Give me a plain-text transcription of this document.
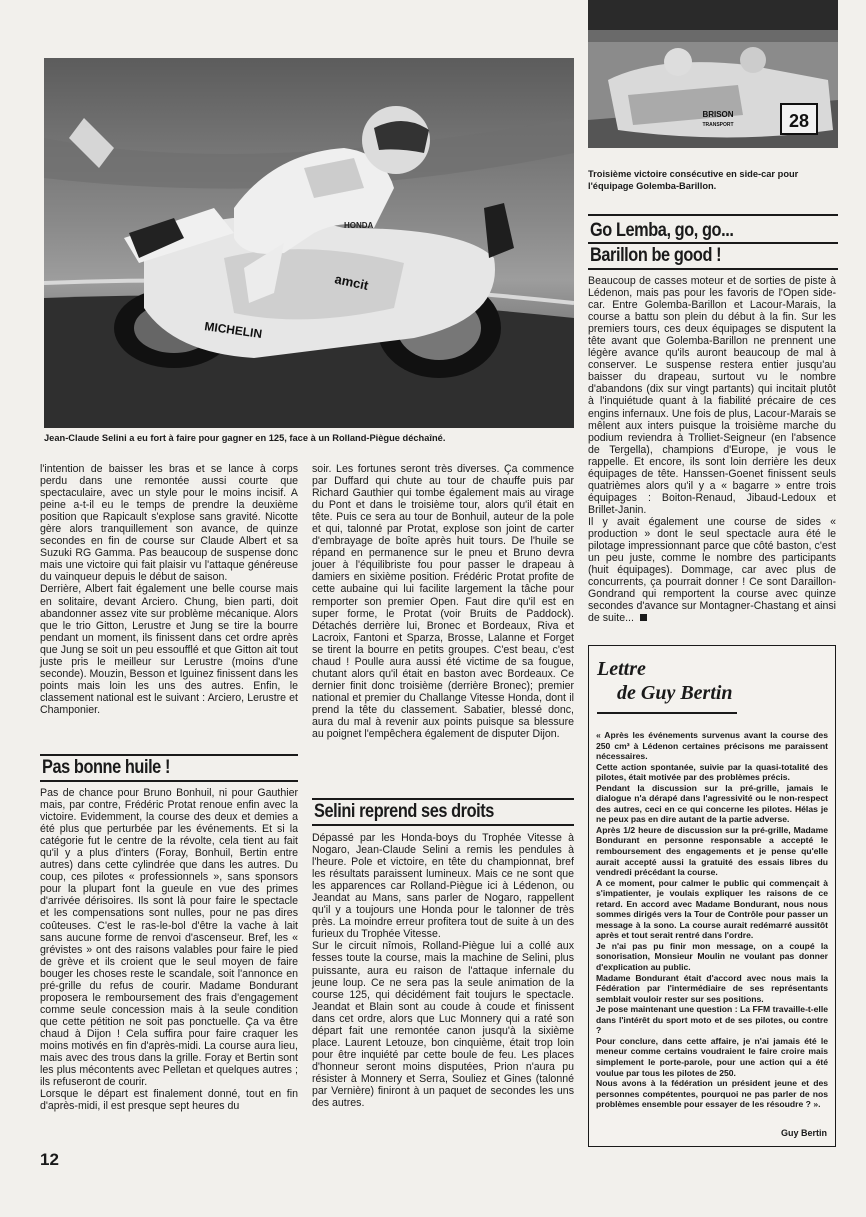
MICHELIN
amcit
HONDA
Jean-Claude Selini a eu fort à faire pour gagner en 125, face à un Rolland-Piègue déchaîné.
28
BRISON
TRANSPORT
Troisième victoire consécutive en side-car pour l'équipage Golemba-Barillon.
Go Lemba, go, go...
Barillon be good !

Beaucoup de casses moteur et de sorties de piste à Lédenon, mais pas pour les favoris de l'Open side-car. Entre Golemba-Barillon et Lacour-Marais, la course a battu son plein du début à la fin. Sur les premiers tours, ces deux équipages se disputent la tête avant que Golemba-Barillon ne prennent une légère avance qu'ils auront beaucoup de mal à conserver. Le suspense restera entier jusqu'au baisser du drapeau, surtout vu le nombre d'abandons (dix sur vingt partants) qui incitait plutôt à l'inquiétude quant à la fiabilité précaire de ces engins infernaux. Une fois de plus, Lacour-Marais se mêlent aux inters puisque la troisième marche du podium reviendra à Trolliet-Seigneur (en l'absence de Tergella), champions d'Europe, je vous le rappelle. Et encore, ils sont loin derrière les deux équipages de tête. Hanssen-Goenet finissent seuls quatrièmes alors qu'il y a « bagarre » entre trois équipages : Boiton-Renaud, Jibaud-Ledoux et Brillet-Janin.

Il y avait également une course de sides « production » dont le seul spectacle aura été le pilotage impressionnant parce que côté baston, c'est un peu juste, comme le nombre des participants (huit équipages). Dommage, car avec plus de concurrents, ça pourrait donner ! Ce sont Daraillon-Gondrand qui remportent la course avec quinze secondes d'avance sur Montagner-Chastang et ainsi de suite...

Lettre
de Guy Bertin

« Après les événements survenus avant la course des 250 cm³ à Lédenon certaines précisons me paraissent nécessaires.

Cette action spontanée, suivie par la quasi-totalité des pilotes, était motivée par des problèmes précis.

Pendant la discussion sur la pré-grille, jamais le dialogue n'a dérapé dans l'agressivité ou le non-respect des autres, ceci en ce qui concerne les pilotes. Hélas je ne peux pas en dire autant de la partie adverse.

Après 1/2 heure de discussion sur la pré-grille, Madame Bondurant en personne responsable a accepté le remboursement des engagements et je pense qu'elle aurait accepté aussi la gratuité des essais libres du vendredi précédant la course.

A ce moment, pour calmer le public qui commençait à s'impatienter, je voulais expliquer les raisons de ce retard. En accord avec Madame Bondurant, nous nous sommes dirigés vers la Tour de Contrôle pour passer un message à la sono. La course aurait redémarré aussitôt après et tout serait rentré dans l'ordre.

Je n'ai pas pu finir mon message, on a coupé la sonorisation, Monsieur Moulin ne voulant pas donner d'explication au public.

Madame Bondurant était d'accord avec nous mais la Fédération par l'intermédiaire de ses représentants semblait vouloir rester sur ses positions.

Je pose maintenant une question : La FFM travaille-t-elle dans l'intérêt du sport moto et de ses pilotes, ou contre ?

Pour conclure, dans cette affaire, je n'ai jamais été le meneur comme certains voudraient le faire croire mais simplement le porte-parole, pour une action qui a été voulue par tous les pilotes de 250.

Nous avons à la fédération un président jeune et des personnes compétentes, pourquoi ne pas parler de nos problèmes ensemble pour essayer de les résoudre ? ».

Guy Bertin

l'intention de baisser les bras et se lance à corps perdu dans une remontée aussi courte que spectaculaire, avec un style pour le moins incisif. A peine a-t-il eu le temps de prendre la deuxième position que Rapicault s'explose sans gravité. Nicotte gère alors tranquillement son avance, de quinze secondes en fin de course sur Claude Albert et sa Suzuki RG Gamma. Pas beaucoup de suspense donc mais une victoire qui fait plaisir vu l'attaque généreuse du vainqueur depuis le début de saison.

Derrière, Albert fait également une belle course mais en solitaire, devant Arciero. Chung, bien parti, doit abandonner assez vite sur problème mécanique. Alors que le trio Gitton, Lerustre et Jung se tire la bourre pendant un moment, ils finissent dans cet ordre après que Jung se soit un peu essoufflé et que Gitton ait tout juste pris le meilleur sur Lerustre (moins d'une seconde). Mouzin, Besson et Iguinez finissent dans les points mais loin les uns des autres. Enfin, le classement national est le suivant : Arciero, Lerustre et Champonier.

Pas bonne huile !

Pas de chance pour Bruno Bonhuil, ni pour Gauthier mais, par contre, Frédéric Protat renoue enfin avec la victoire. Evidemment, la course des deux et demies a été plus que perturbée par les événements. Et si la catégorie fut le centre de la révolte, cela tient au fait qu'il y a plus d'inters (Foray, Bonhuil, Bertin entre autres) dans cette cylindrée que dans les autres. Du coup, ces pilotes « professionnels », sans sponsors pour la plupart font la gueule en vue des primes d'arrivée dérisoires. Ils sont là pour faire le spectacle et les compensations sont nulles, pour ne pas dires coûteuses. C'est le ras-le-bol d'être la vache à lait sans aucune forme de renvoi d'ascenseur. Bref, les « grévistes » ont des raisons valables pour faire le pied de grève et ils croient que le seul moyen de faire bouger les choses reste le scandale, soit l'annonce en pré-grille du refus de courir. Madame Bondurant proposera le remboursement des frais d'engagement comme seule concession mais à la seule condition que cette pétition ne soit pas ponctuelle. Ça va être chaud à Dijon ! Cela suffira pour faire craquer les moins motivés en fin d'après-midi. La course aura lieu, mais avec des trous dans la grille. Foray et Bertin sont les plus mécontents avec Pelletan et quelques autres ; ils refuseront de courir.

Lorsque le départ est finalement donné, tout en fin d'après-midi, il est presque sept heures du

soir. Les fortunes seront très diverses. Ça commence par Duffard qui chute au tour de chauffe puis par Richard Gauthier qui tombe également mais au virage du Pont et dans le troisième tour, alors qu'il était en tête. Puis ce sera au tour de Bonhuil, auteur de la pole et qui, talonné par Protat, explose son joint de carter d'embrayage de boîte après huit tours. De l'huile se répand en permanence sur le pneu et Bruno devra jouer à l'équilibriste fou pour passer le drapeau à damiers en sixième position. Frédéric Protat profite de cette aubaine qui lui facilite largement la tâche pour remporter son premier Open. Faut dire qu'il est en super forme, le Protat (voir Bruits de Paddock). Détachés derrière lui, Bronec et Bordeaux, Riva et Lacroix, Fantoni et Sparza, Brosse, Lalanne et Forget se tirent la bourre en petits groupes. C'est beau, c'est chaud ! Poulle aura aussi été victime de sa fougue, chutant alors qu'il était en baston avec Bordeaux. Ce dernier finit donc troisième (derrière Bronec); premier national et premier du Challange Vitesse Honda, dont il prend la tête du classement. Sabatier, blessé donc, aura du mal à revenir aux points puisque sa blessure au poignet l'empêchera également de disputer Dijon.

Selini reprend ses droits

Dépassé par les Honda-boys du Trophée Vitesse à Nogaro, Jean-Claude Selini a remis les pendules à l'heure. Pole et victoire, en tête du championnat, bref les résultats paraissent lumineux. Mais ce ne sont que les apparences car Rolland-Piègue ici à Lédenon, ou Jeandat au Mans, sans parler de Nogaro, rappellent qu'il y a toujours une Honda pour le talonner de très près. La moindre erreur profitera tout de suite à un des furieux du Trophée Vitesse.

Sur le circuit nîmois, Rolland-Piègue lui a collé aux fesses toute la course, mais la machine de Selini, plus puissante, aura eu raison de l'attaque infernale du jeune loup. Ce ne sera pas la seule animation de la course 125, qui décidément fait toujurs le spectacle. Jeandat et Blain sont au coude à coude et finissent dans cet ordre, alors que Luc Monnery qui a raté son départ fait une remontée canon jusqu'à la sixième place. Laurent Letouze, bon cinquième, était trop loin pour être inquiété par cette boule de feu. Les places d'honneur seront moins disputées, Prion n'aura pu résister à Monnery et Serra, Souliez et Gines (talonné par Vernière) finiront à un paquet de secondes les uns des autres.

12
